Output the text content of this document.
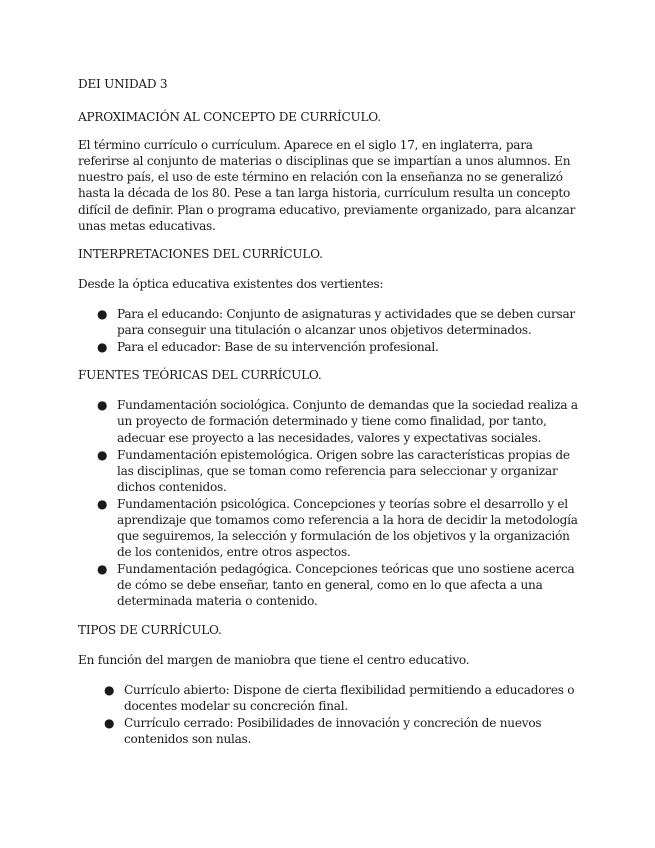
DEI UNIDAD 3

APROXIMACIÓN AL CONCEPTO DE CURRÍCULO.

El término currículo o currículum. Aparece en el siglo 17, en inglaterra, para referirse al conjunto de materias o disciplinas que se impartían a unos alumnos. En nuestro país, el uso de este término en relación con la enseñanza no se generalizó hasta la década de los 80. Pese a tan larga historia, currículum resulta un concepto difícil de definir. Plan o programa educativo, previamente organizado, para alcanzar unas metas educativas.

INTERPRETACIONES DEL CURRÍCULO.

Desde la óptica educativa existentes dos vertientes:

● Para el educando: Conjunto de asignaturas y actividades que se deben cursar para conseguir una titulación o alcanzar unos objetivos determinados.
● Para el educador: Base de su intervención profesional.

FUENTES TEÓRICAS DEL CURRÍCULO.

● Fundamentación sociológica. Conjunto de demandas que la sociedad realiza a un proyecto de formación determinado y tiene como finalidad, por tanto, adecuar ese proyecto a las necesidades, valores y expectativas sociales.
● Fundamentación epistemológica. Origen sobre las características propias de las disciplinas, que se toman como referencia para seleccionar y organizar dichos contenidos.
● Fundamentación psicológica. Concepciones y teorías sobre el desarrollo y el aprendizaje que tomamos como referencia a la hora de decidir la metodología que seguiremos, la selección y formulación de los objetivos y la organización de los contenidos, entre otros aspectos.
● Fundamentación pedagógica. Concepciones teóricas que uno sostiene acerca de cómo se debe enseñar, tanto en general, como en lo que afecta a una determinada materia o contenido.

TIPOS DE CURRÍCULO.

En función del margen de maniobra que tiene el centro educativo.

● Currículo abierto: Dispone de cierta flexibilidad permitiendo a educadores o docentes modelar su concreción final.
● Currículo cerrado: Posibilidades de innovación y concreción de nuevos contenidos son nulas.
